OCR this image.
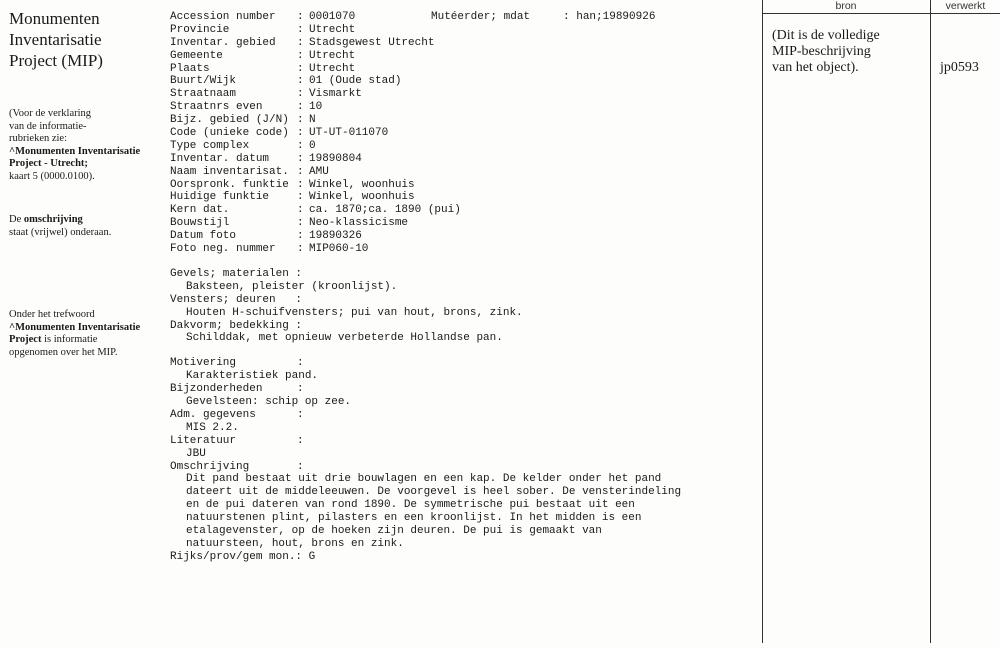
Monumenten
Inventarisatie
Project (MIP)
(Voor de verklaring
van de informatie-
rubrieken zie:
^Monumenten Inventarisatie
Project - Utrecht;
kaart 5 (0000.0100).
De omschrijving
staat (vrijwel) onderaan.
Onder het trefwoord
^Monumenten Inventarisatie
Project is informatie
opgenomen over het MIP.
Accession number	:
0001070	Mutéerder; mdat     : han;19890926
Provincie	:
Utrecht
Inventar. gebied	:
Stadsgewest Utrecht
Gemeente	:
Utrecht
Plaats	:
Utrecht
Buurt/Wijk	:
01 (Oude stad)
Straatnaam	:
Vismarkt
Straatnrs even	:
10
Bijz. gebied (J/N) :
N
Code (unieke code) :
UT-UT-011070
Type complex	:
0
Inventar. datum	:
19890804
Naam inventarisat. :
AMU
Oorspronk. funktie :
Winkel, woonhuis
Huidige funktie	:
Winkel, woonhuis
Kern dat.	:
ca. 1870;ca. 1890 (pui)
Bouwstijl	:
Neo-klassicisme
Datum foto	:
19890326
Foto neg. nummer	:
MIP060-10
Gevels; materialen :
Baksteen, pleister (kroonlijst).
Vensters; deuren   :
Houten H-schuifvensters; pui van hout, brons, zink.
Dakvorm; bedekking :
Schilddak, met opnieuw verbeterde Hollandse pan.
Motivering	:
Karakteristiek pand.
Bijzonderheden	:
Gevelsteen: schip op zee.
Adm. gegevens	:
MIS 2.2.
Literatuur	:
JBU
Omschrijving	:
Dit pand bestaat uit drie bouwlagen en een kap. De kelder onder het pand
dateert uit de middeleeuwen. De voorgevel is heel sober. De vensterindeling
en de pui dateren van rond 1890. De symmetrische pui bestaat uit een
natuurstenen plint, pilasters en een kroonlijst. In het midden is een
etalagevenster, op de hoeken zijn deuren. De pui is gemaakt van
natuursteen, hout, brons en zink.
Rijks/prov/gem mon. : G
bron	verwerkt
(Dit is de volledige
MIP-beschrijving
van het object).	jp0593
